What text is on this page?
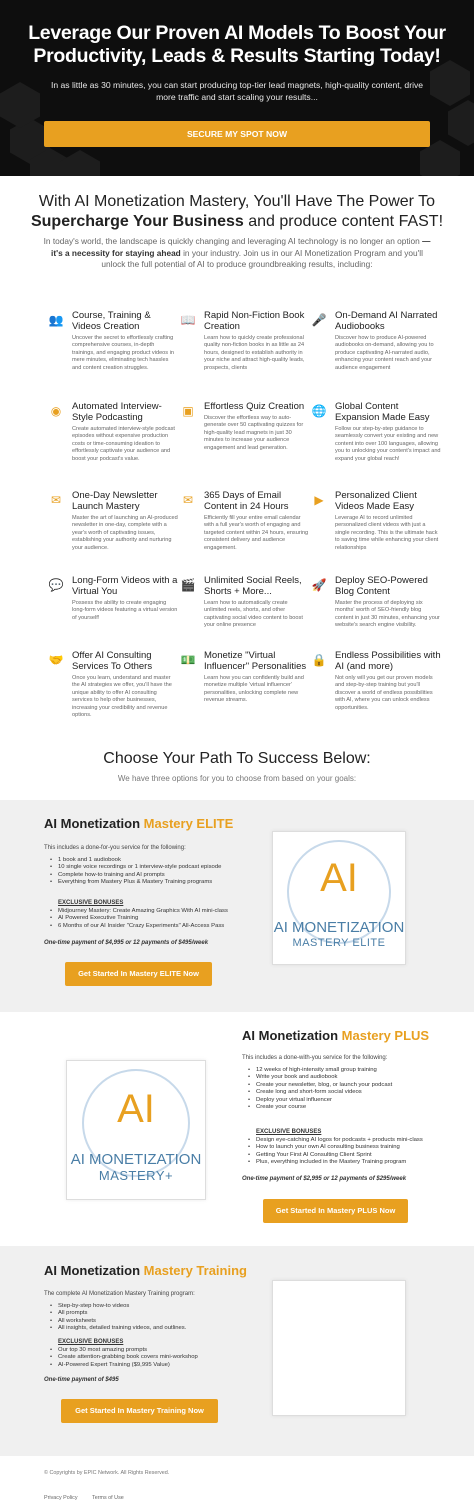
Leverage Our Proven AI Models To Boost Your
Productivity, Leads & Results Starting Today!

In as little as 30 minutes, you can start producing top-tier lead magnets, high-quality content, drive more traffic and start scaling your results...

SECURE MY SPOT NOW
With AI Monetization Mastery, You'll Have The Power To
Supercharge Your Business and produce content FAST!

In today's world, the landscape is quickly changing and leveraging AI technology is no longer an option —it's a necessity for staying ahead in your industry. Join us in our AI Monetization Program and you'll unlock the full potential of AI to produce groundbreaking results, including:

👥 Course, Training & Videos Creation

Uncover the secret to effortlessly crafting comprehensive courses, in-depth trainings, and engaging product videos in mere minutes, eliminating tech hassles and content creation struggles.

📖 Rapid Non-Fiction Book Creation

Learn how to quickly create professional quality non-fiction books in as little as 24 hours, designed to establish authority in your niche and attract high-quality leads, prospects, clients

🎤 On-Demand AI Narrated Audiobooks

Discover how to produce AI-powered audiobooks on-demand, allowing you to produce captivating AI-narrated audio, enhancing your content reach and your audience engagement

◉ Automated Interview-Style Podcasting

Create automated interview-style podcast episodes without expensive production costs or time-consuming ideation to effortlessly captivate your audience and boost your podcast's value.

▣ Effortless Quiz Creation

Discover the effortless way to auto-generate over 50 captivating quizzes for high-quality lead magnets in just 30 minutes to increase your audience engagement and lead generation.

🌐 Global Content Expansion Made Easy

Follow our step-by-step guidance to seamlessly convert your existing and new content into over 100 languages, allowing you to unlocking your content's impact and expand your global reach!

✉	One-Day Newsletter Launch Mastery

Master the art of launching an AI-produced newsletter in one-day, complete with a year's worth of captivating issues, establishing your authority and nurturing your audience.

✉	365 Days of Email Content in 24 Hours

Efficiently fill your entire email calendar with a full year's worth of engaging and targeted content within 24 hours, ensuring consistent delivery and audience engagement.

▶	Personalized Client Videos Made Easy

Leverage AI to record unlimited personalized client videos with just a single recording. This is the ultimate hack to saving time while enhancing your client relationships

💬 Long-Form Videos with a Virtual You

Possess the ability to create engaging long-form videos featuring a virtual version of yourself!

🎬 Unlimited Social Reels, Shorts + More...

Learn how to automatically create unlimited reels, shorts, and other captivating social video content to boost your online presence

🚀 Deploy SEO-Powered Blog Content

Master the process of deploying six months' worth of SEO-friendly blog content in just 30 minutes, enhancing your website's search engine visibility.

🤝 Offer AI Consulting Services To Others

Once you learn, understand and master the AI strategies we offer, you'll have the unique ability to offer AI consulting services to help other businesses, increasing your credibility and revenue options.

💵 Monetize "Virtual Influencer" Personalities

Learn how you can confidently build and monetize multiple 'virtual influencer' personalities, unlocking complete new revenue streams.

🔒 Endless Possibilities with AI (and more)

Not only will you get our proven models and step-by-step training but you'll discover a world of endless possibilities with AI, where you can unlock endless opportunities.

Choose Your Path To Success Below:

We have three options for you to choose from based on your goals:

AI Monetization Mastery ELITE
This includes a done-for-you service for the following:
• 1 book and 1 audiobook
• 10 single voice recordings or 1 interview-style podcast episode
• Complete how-to training and AI prompts
• Everything from Mastery Plus & Mastery Training programs
EXCLUSIVE BONUSES
• Midjourney Mastery: Create Amazing Graphics With AI mini-class
• AI Powered Executive Training
• 6 Months of our AI Insider "Crazy Experiments" All-Access Pass
One-time payment of $4,995 or 12 payments of $495/week
Get Started In Mastery ELITE Now
AI
AI MONETIZATION
MASTERY ELITE
AI
AI MONETIZATION
MASTERY+
AI Monetization Mastery PLUS
This includes a done-with-you service for the following:
• 12 weeks of high-intensity small group training
• Write your book and audiobook
• Create your newsletter, blog, or launch your podcast
• Create long and short-form social videos
• Deploy your virtual influencer
• Create your course
EXCLUSIVE BONUSES
• Design eye-catching AI logos for podcasts + products mini-class
• How to launch your own AI consulting business training
• Getting Your First AI Consulting Client Sprint
• Plus, everything included in the Mastery Training program
One-time payment of $2,995 or 12 payments of $295/week
Get Started In Mastery PLUS Now
AI Monetization Mastery Training
The complete AI Monetization Mastery Training program:
• Step-by-step how-to videos
• All prompts
• All worksheets
• All insights, detailed training videos, and outlines.
EXCLUSIVE BONUSES
• Our top 30 most amazing prompts
• Create attention-grabbing book covers mini-workshop
• AI-Powered Expert Training ($9,995 Value)
One-time payment of $495
Get Started In Mastery Training Now

© Copyrights by EPIC Network. All Rights Reserved.

Privacy Policy	Terms of Use
